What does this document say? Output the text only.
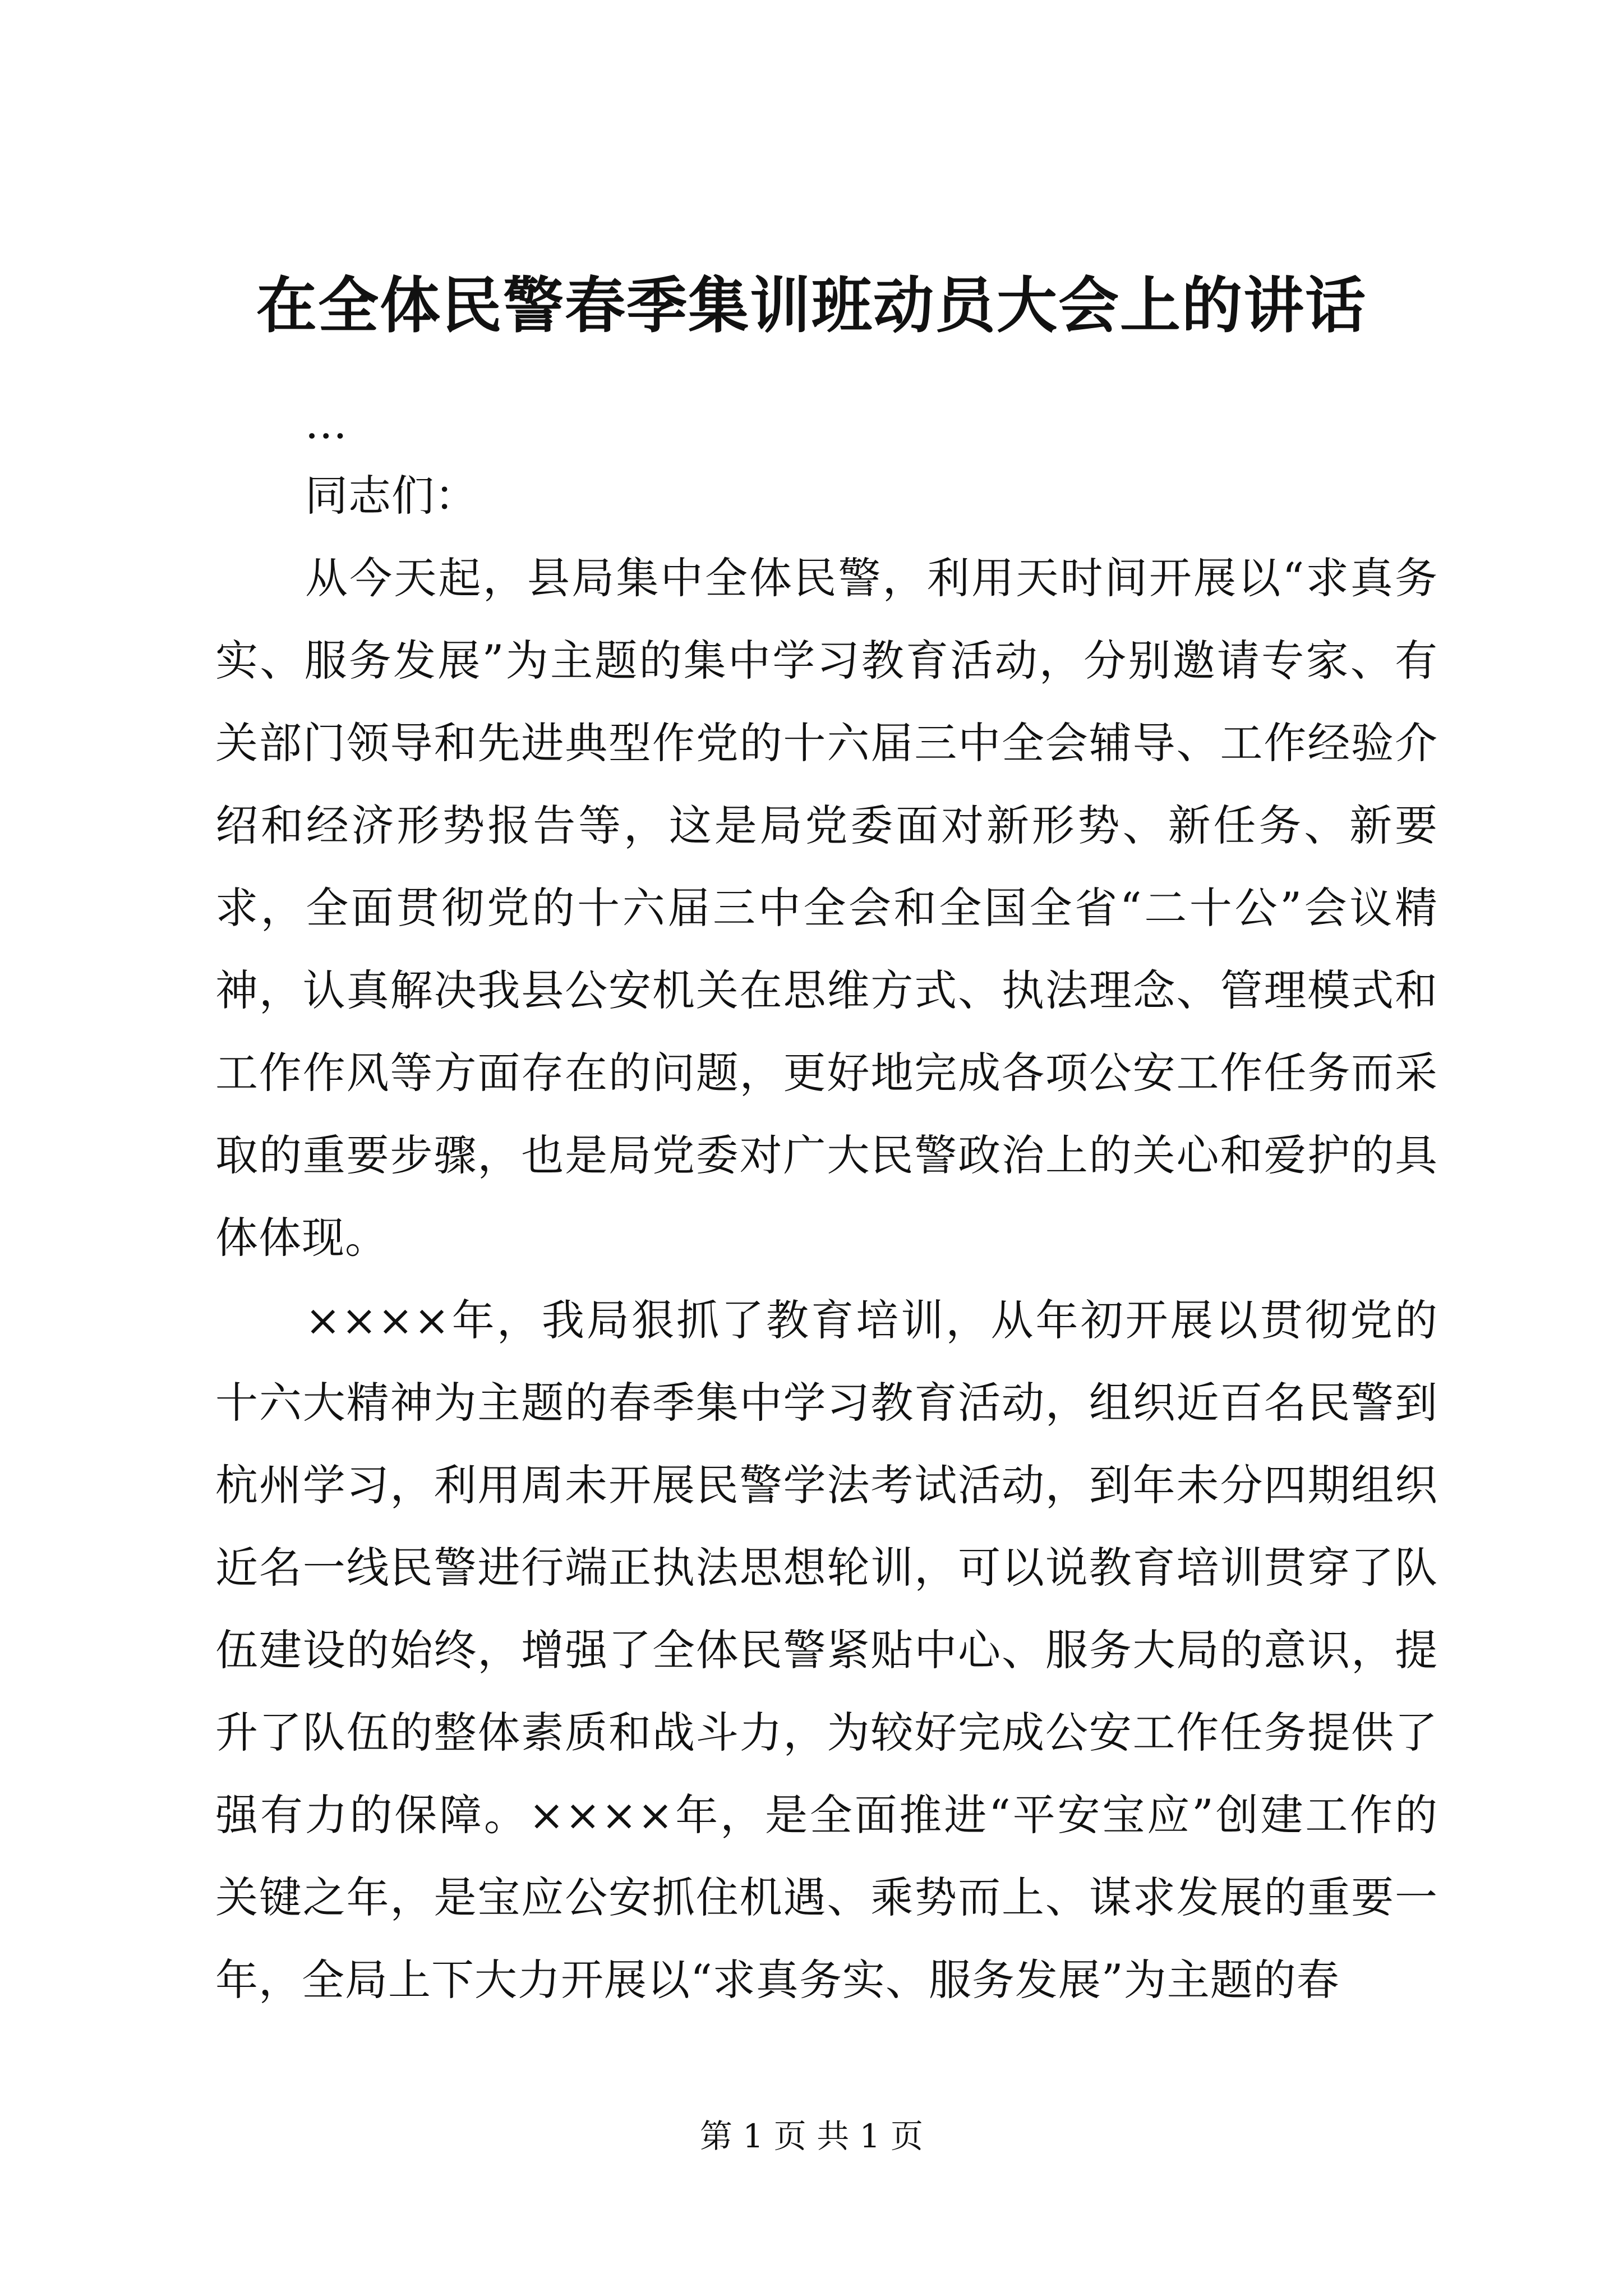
在全体民警春季集训班动员大会上的讲话

...

同志们：

从今天起，县局集中全体民警，利用天时间开展以“求真务实、服务发展”为主题的集中学习教育活动，分别邀请专家、有关部门领导和先进典型作党的十六届三中全会辅导、工作经验介绍和经济形势报告等，这是局党委面对新形势、新任务、新要求，全面贯彻党的十六届三中全会和全国全省“二十公”会议精神，认真解决我县公安机关在思维方式、执法理念、管理模式和工作作风等方面存在的问题，更好地完成各项公安工作任务而采取的重要步骤，也是局党委对广大民警政治上的关心和爱护的具体体现。

××××年，我局狠抓了教育培训，从年初开展以贯彻党的十六大精神为主题的春季集中学习教育活动，组织近百名民警到杭州学习，利用周未开展民警学法考试活动，到年未分四期组织近名一线民警进行端正执法思想轮训，可以说教育培训贯穿了队伍建设的始终，增强了全体民警紧贴中心、服务大局的意识，提升了队伍的整体素质和战斗力，为较好完成公安工作任务提供了强有力的保障。××××年，是全面推进“平安宝应”创建工作的关键之年，是宝应公安抓住机遇、乘势而上、谋求发展的重要一年，全局上下大力开展以“求真务实、服务发展”为主题的春

第 1 页 共 1 页
